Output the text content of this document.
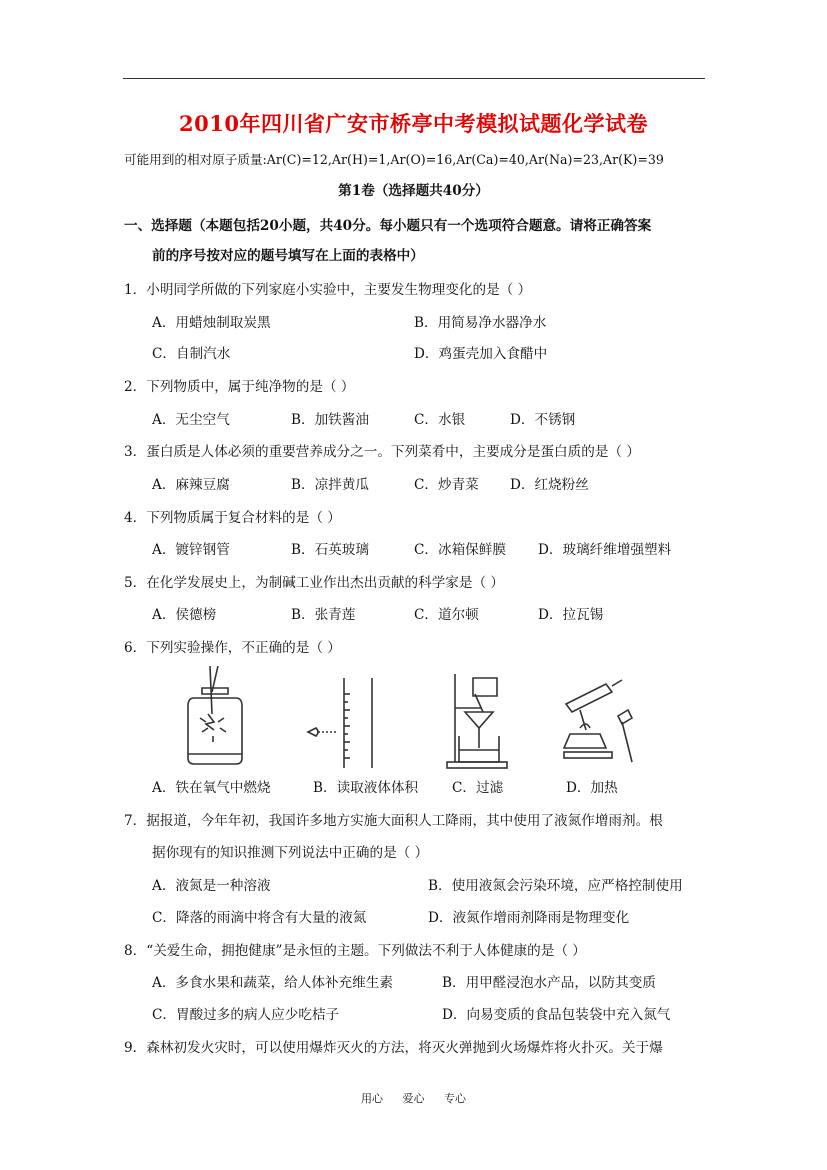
2010年四川省广安市桥亭中考模拟试题化学试卷
可能用到的相对原子质量:Ar(C)=12,Ar(H)=1,Ar(O)=16,Ar(Ca)=40,Ar(Na)=23,Ar(K)=39
第1卷（选择题共40分）
一、选择题（本题包括20小题，共40分。每小题只有一个选项符合题意。请将正确答案
前的序号按对应的题号填写在上面的表格中）
1．小明同学所做的下列家庭小实验中，主要发生物理变化的是（ ）
A．用蜡烛制取炭黑	B．用简易净水器净水
C．自制汽水	D．鸡蛋壳加入食醋中
2．下列物质中，属于纯净物的是（ ）
A．无尘空气	B．加铁酱油	C．水银	D．不锈钢
3．蛋白质是人体必须的重要营养成分之一。下列菜肴中，主要成分是蛋白质的是（ ）
A．麻辣豆腐	B．凉拌黄瓜	C．炒青菜 D．红烧粉丝
4．下列物质属于复合材料的是（ ）
A．镀锌钢管	B．石英玻璃	C．冰箱保鲜膜 D．玻璃纤维增强塑料
5．在化学发展史上，为制碱工业作出杰出贡献的科学家是（ ）
A．侯德榜	B．张青莲	C．道尔顿	D．拉瓦锡
6．下列实验操作，不正确的是（ ）
A．铁在氧气中燃烧	B．读取液体体积 C．过滤	D．加热
7．据报道，今年年初，我国许多地方实施大面积人工降雨，其中使用了液氮作增雨剂。根
据你现有的知识推测下列说法中正确的是（ ）
A．液氮是一种溶液	B．使用液氮会污染环境，应严格控制使用
C．降落的雨滴中将含有大量的液氮	D．液氮作增雨剂降雨是物理变化
8．“关爱生命，拥抱健康”是永恒的主题。下列做法不利于人体健康的是（ ）
A．多食水果和蔬菜，给人体补充维生素	B．用甲醛浸泡水产品，以防其变质
C．胃酸过多的病人应少吃桔子	D．向易变质的食品包装袋中充入氮气
9．森林初发火灾时，可以使用爆炸灭火的方法，将灭火弹抛到火场爆炸将火扑灭。关于爆
用心 爱心 专心
